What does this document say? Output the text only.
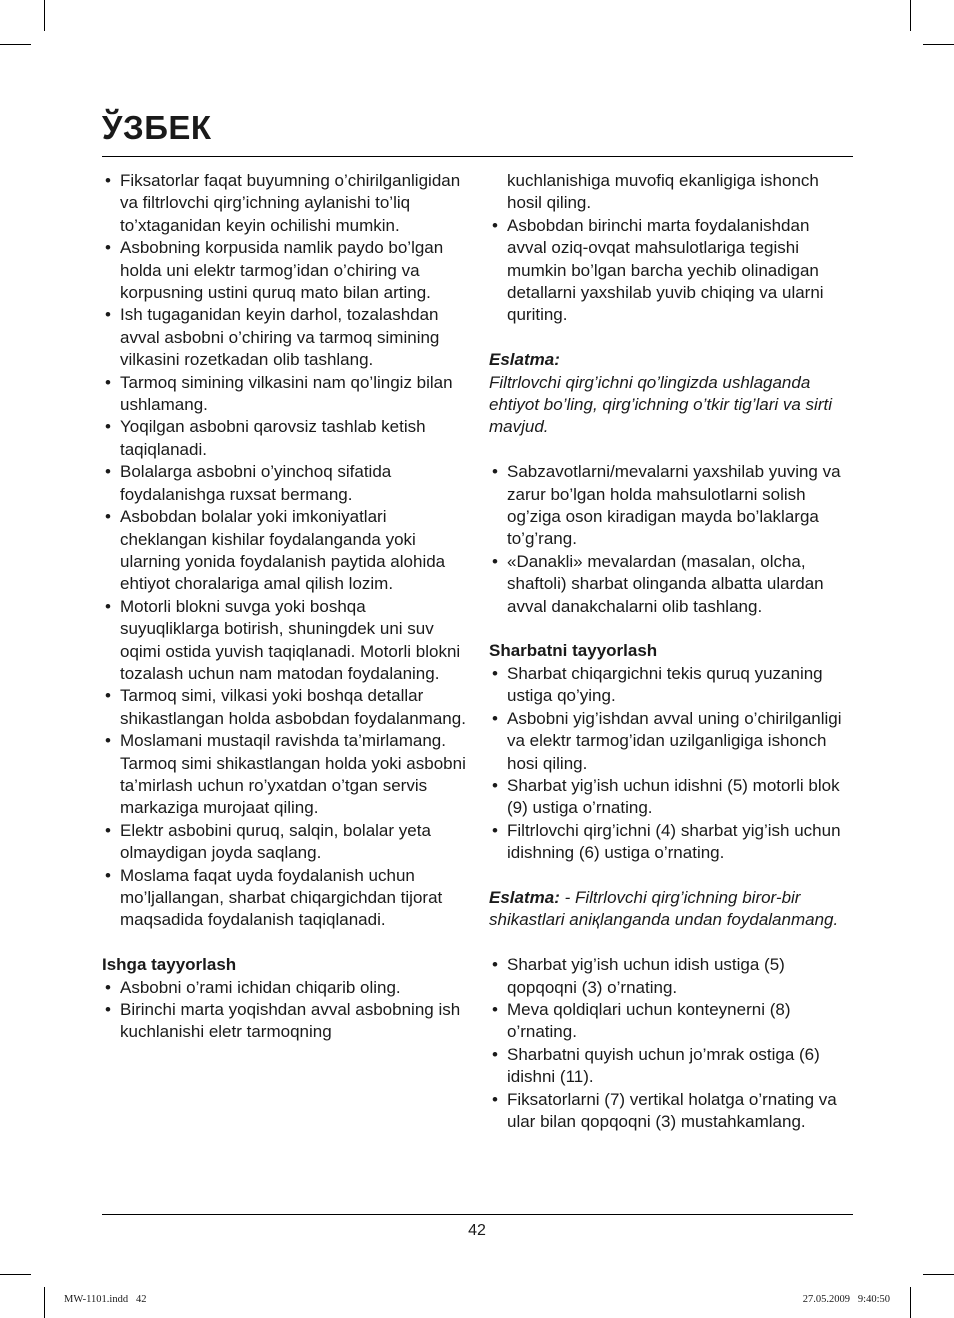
ЎЗБЕК
• Fiksatorlar faqat buyumning o’chirilganligidan va filtrlovchi qirg’ichning aylanishi to’liq to’xtaganidan keyin ochilishi mumkin.
• Asbobning korpusida namlik paydo bo’lgan holda uni elektr tarmog’idan o’chiring va korpusning ustini quruq mato bilan arting.
• Ish tugaganidan keyin darhol, tozalashdan avval asbobni o’chiring va tarmoq simining vilkasini rozetkadan olib tashlang.
• Tarmoq simining vilkasini nam qo’lingiz bilan ushlamang.
• Yoqilgan asbobni qarovsiz tashlab ketish taqiqlanadi.
• Bolalarga asbobni o’yinchoq sifatida foydalanishga ruxsat bermang.
• Asbobdan bolalar yoki imkoniyatlari cheklangan kishilar foydalanganda yoki ularning yonida foydalanish paytida alohida ehtiyot choralariga amal qilish lozim.
• Motorli blokni suvga yoki boshqa suyuqliklarga botirish, shuningdek uni suv oqimi ostida yuvish taqiqlanadi. Motorli blokni tozalash uchun nam matodan foydalaning.
• Tarmoq simi, vilkasi yoki boshqa detallar shikastlangan holda asbobdan foydalanmang.
• Moslamani mustaqil ravishda ta’mirlamang. Tarmoq simi shikastlangan holda yoki asbobni ta’mirlash uchun ro’yxatdan o’tgan servis markaziga murojaat qiling.
• Elektr asbobini quruq, salqin, bolalar yeta olmaydigan joyda saqlang.
• Moslama faqat uyda foydalanish uchun mo’ljallangan, sharbat chiqargichdan tijorat maqsadida foydalanish taqiqlanadi.

Ishga tayyorlash

• Asbobni o’rami ichidan chiqarib oling.
• Birinchi marta yoqishdan avval asbobning ish kuchlanishi eletr tarmoqning
kuchlanishiga muvofiq ekanligiga ishonch hosil qiling.
• Asbobdan birinchi marta foydalanishdan avval oziq-ovqat mahsulotlariga tegishi mumkin bo’lgan barcha yechib olinadigan detallarni yaxshilab yuvib chiqing va ularni quriting.

Eslatma:

Filtrlovchi qirg’ichni qo’lingizda ushlaganda ehtiyot bo’ling, qirg’ichning o’tkir tig’lari va sirti mavjud.

• Sabzavotlarni/mevalarni yaxshilab yuving va zarur bo’lgan holda mahsulotlarni solish og’ziga oson kiradigan mayda bo’laklarga to’g’rang.
• «Danakli» mevalardan (masalan, olcha, shaftoli) sharbat olinganda albatta ulardan avval danakchalarni olib tashlang.

Sharbatni tayyorlash

• Sharbat chiqargichni tekis quruq yuzaning ustiga qo’ying.
• Asbobni yig’ishdan avval uning o’chirilganligi va elektr tarmog’idan uzilganligiga ishonch hosi qiling.
• Sharbat yig’ish uchun idishni (5) motorli blok (9) ustiga o’rnating.
• Filtrlovchi qirg’ichni (4) sharbat yig’ish uchun idishning (6) ustiga o’rnating.

Eslatma: - Filtrlovchi qirg’ichning biror-bir shikastlari aniқlanganda undan foydalanmang.

• Sharbat yig’ish uchun idish ustiga (5) qopqoqni (3) o’rnating.
• Meva qoldiqlari uchun konteynerni (8) o’rnating.
• Sharbatni quyish uchun jo’mrak ostiga (6) idishni (11).
• Fiksatorlarni (7) vertikal holatga o’rnating va ular bilan qopqoqni (3) mustahkamlang.
42
MW-1101.indd   42	27.05.2009   9:40:50
